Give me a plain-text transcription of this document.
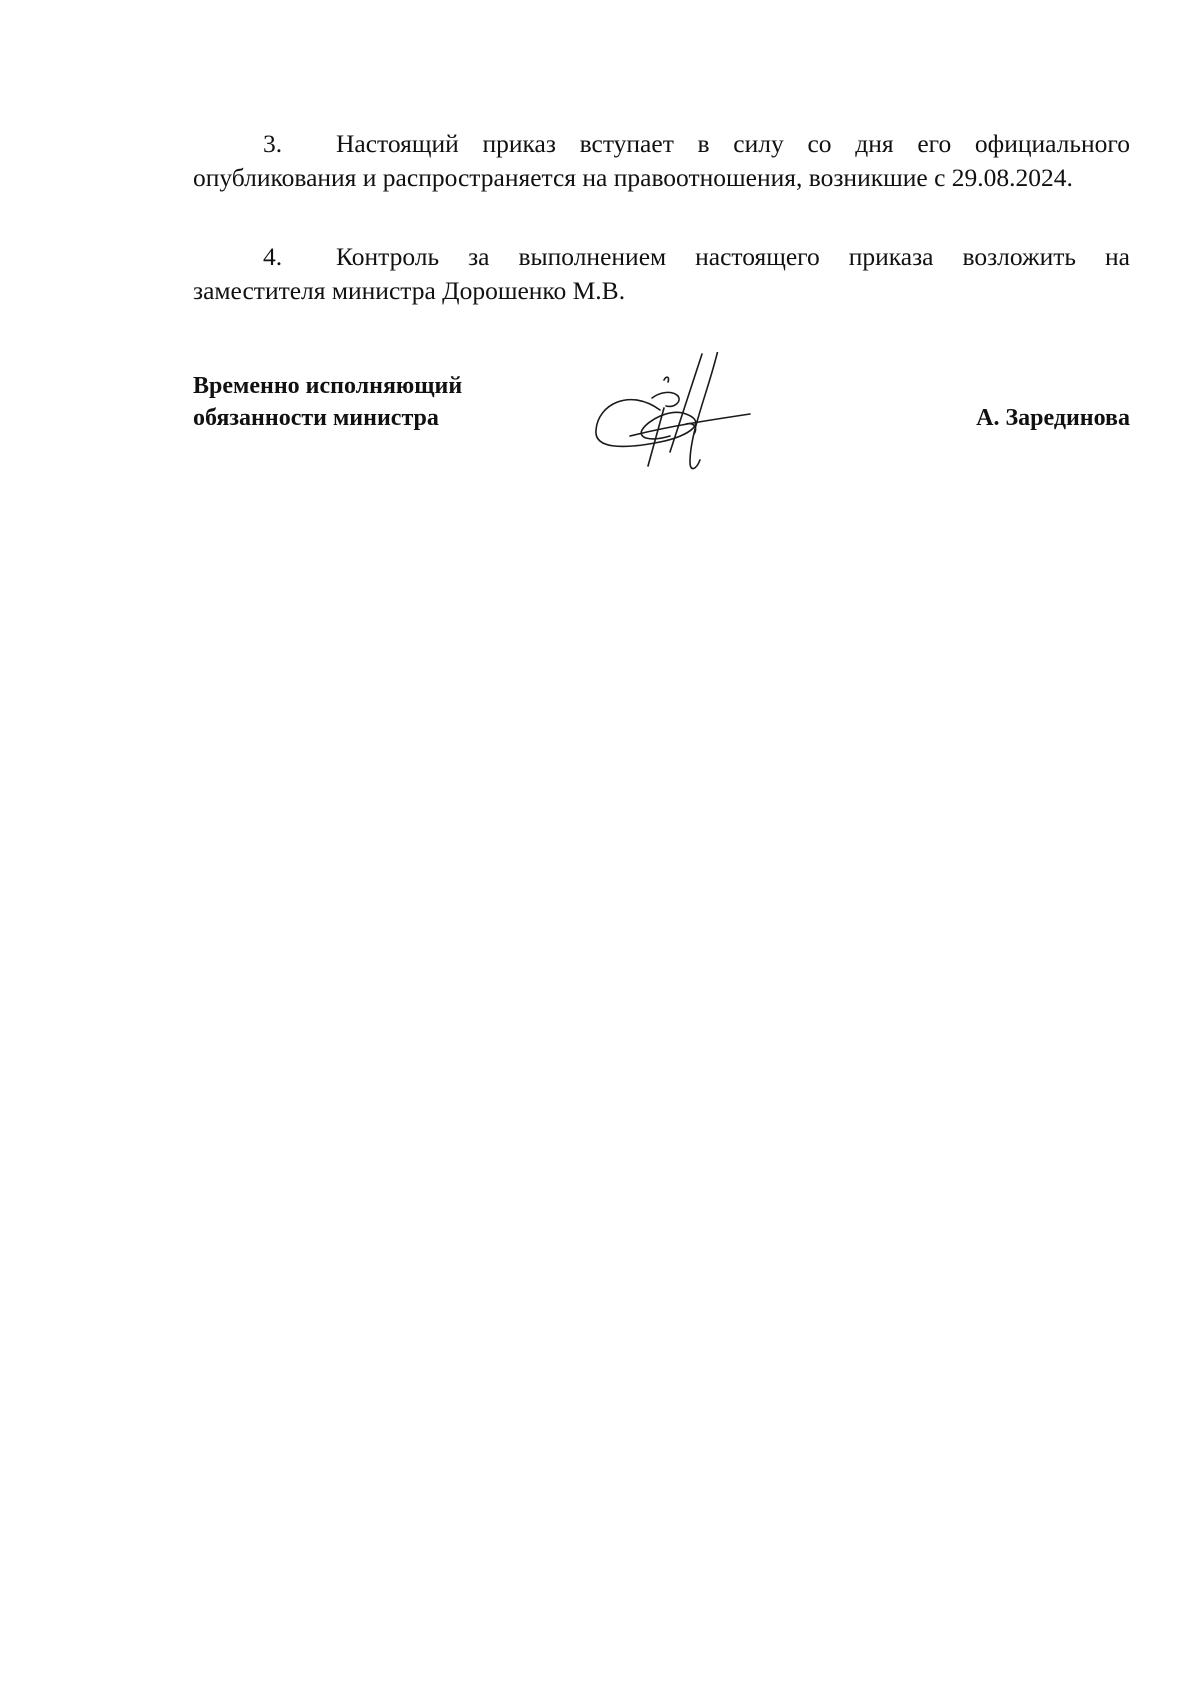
3. Настоящий приказ вступает в силу со дня его официального опубликования и распространяется на правоотношения, возникшие с 29.08.2024.

4. Контроль за выполнением настоящего приказа возложить на заместителя министра Дорошенко М.В.

Временно исполняющий
обязанности министра	А. Зарединова
